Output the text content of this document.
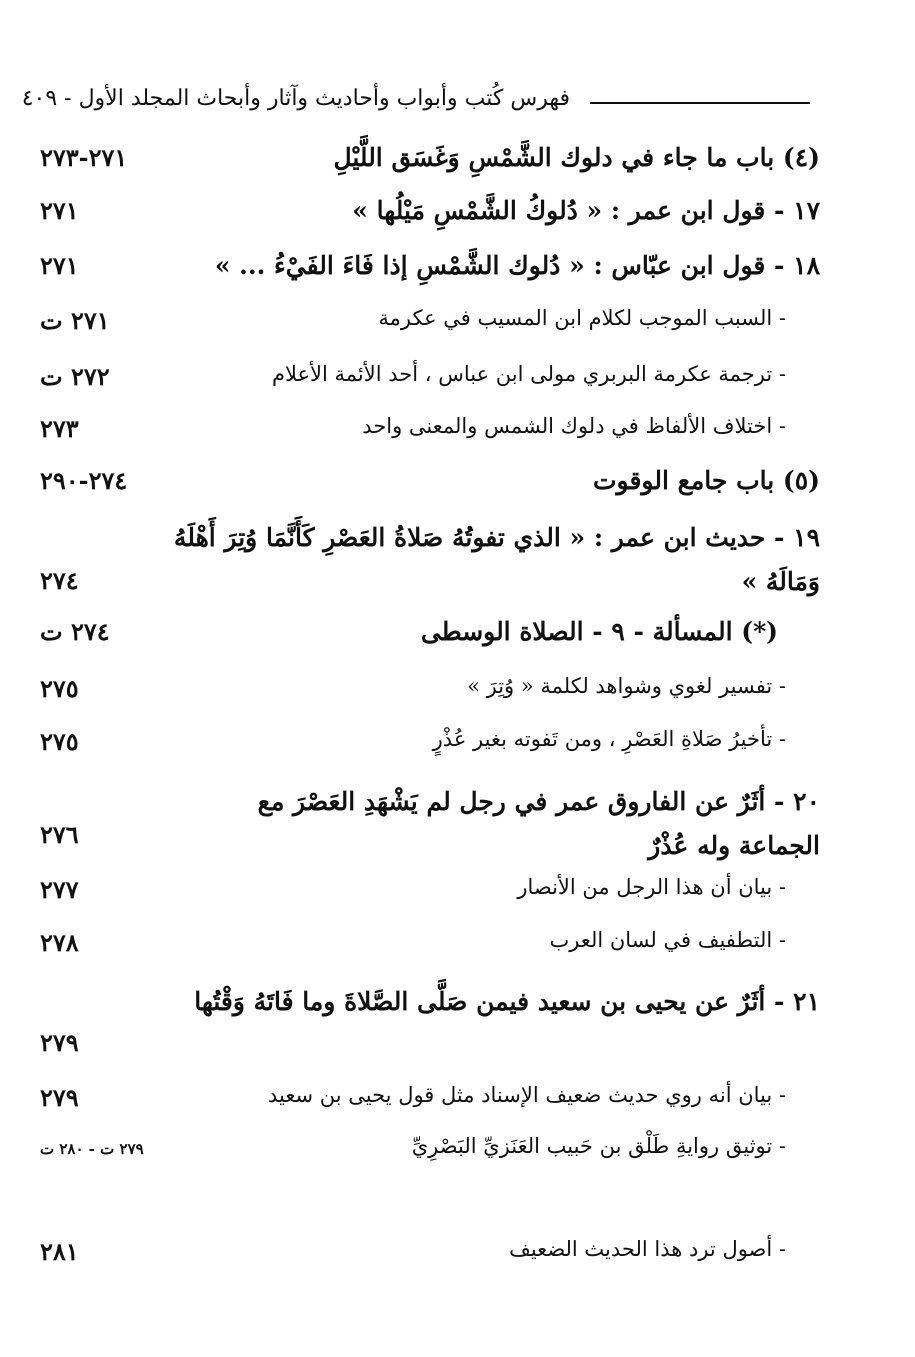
فهرس كُتب وأبواب وأحاديث وآثار وأبحاث المجلد الأول - ٤٠٩
(٤) باب ما جاء في دلوك الشَّمْسِ وَغَسَق اللَّيْلِ
٢٧١-٢٧٣
١٧ - قول ابن عمر : « دُلوكُ الشَّمْسِ مَيْلُها »
٢٧١
١٨ - قول ابن عبّاس : « دُلوك الشَّمْسِ إذا فَاءَ الفَيْءُ ... »
٢٧١
- السبب الموجب لكلام ابن المسيب في عكرمة
٢٧١ ت
- ترجمة عكرمة البربري مولى ابن عباس ، أحد الأئمة الأعلام
٢٧٢ ت
- اختلاف الألفاظ في دلوك الشمس والمعنى واحد
٢٧٣
(٥) باب جامع الوقوت
٢٧٤-٢٩٠
١٩ - حديث ابن عمر : « الذي تفوتُهُ صَلاةُ العَصْرِ كَأَنَّمَا وُتِرَ أَهْلَهُ وَمَالَهُ »
٢٧٤
(*) المسألة - ٩ - الصلاة الوسطى
٢٧٤ ت
- تفسير لغوي وشواهد لكلمة « وُتِرَ »
٢٧٥
- تأخيرُ صَلاةِ العَصْرِ ، ومن تَفوته بغير عُذْرٍ
٢٧٥
٢٠ - أثَرٌ عن الفاروق عمر في رجل لم يَشْهَدِ العَصْرَ مع الجماعة وله عُذْرٌ
٢٧٦
- بيان أن هذا الرجل من الأنصار
٢٧٧
- التطفيف في لسان العرب
٢٧٨
٢١ - أثَرٌ عن يحيى بن سعيد فيمن صَلَّى الصَّلاةَ وما فَاتَهُ وَقْتُها
٢٧٩
- بيان أنه روي حديث ضعيف الإسناد مثل قول يحيى بن سعيد
٢٧٩
- توثيق روايةِ طَلْق بن حَبيب العَنَزيِّ البَصْرِيِّ
٢٧٩ ت - ٢٨٠ ت
- أصول ترد هذا الحديث الضعيف
٢٨١
